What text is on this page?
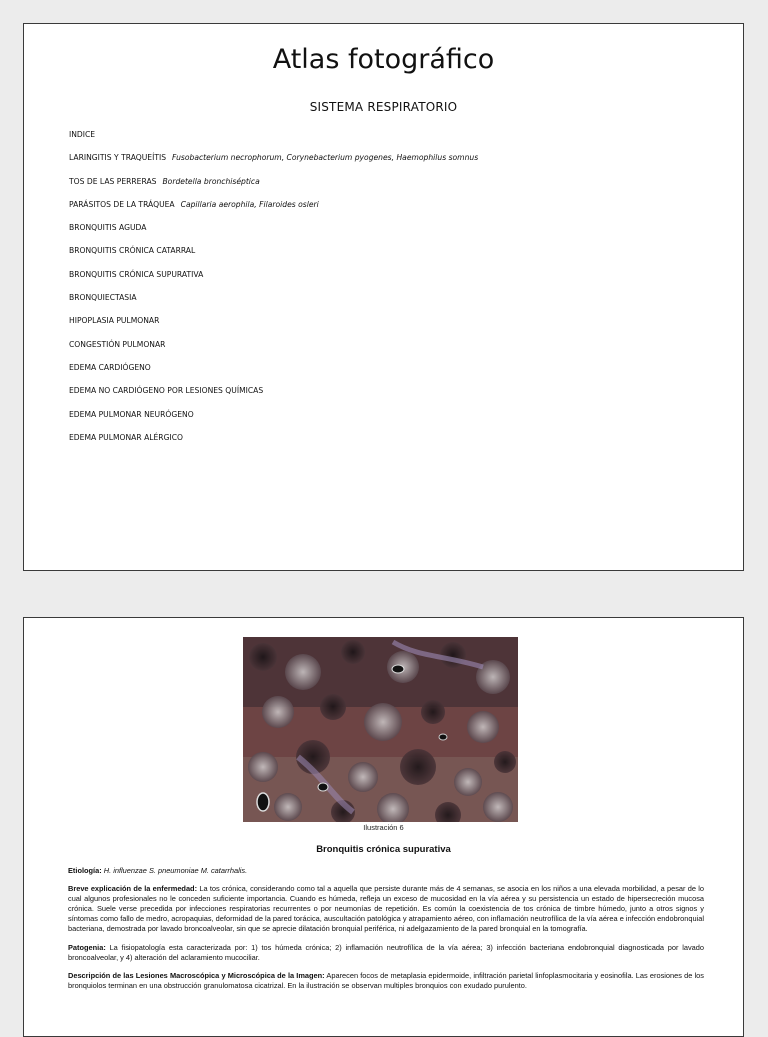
Atlas fotográfico
SISTEMA RESPIRATORIO
INDICE
LARINGITIS Y TRAQUEÍTIS Fusobacterium necrophorum, Corynebacterium pyogenes, Haemophilus somnus
TOS DE LAS PERRERAS Bordetella bronchiséptica
PARÁSITOS DE LA TRÁQUEA Capillaria aerophila, Filaroides osleri
BRONQUITIS AGUDA
BRONQUITIS CRÓNICA CATARRAL
BRONQUITIS CRÓNICA SUPURATIVA
BRONQUIECTASIA
HIPOPLASIA PULMONAR
CONGESTIÓN PULMONAR
EDEMA CARDIÓGENO
EDEMA NO CARDIÓGENO POR LESIONES QUÍMICAS
EDEMA PULMONAR NEURÓGENO
EDEMA PULMONAR ALÉRGICO
Ilustración 6
Bronquitis crónica supurativa

Etiología: H. influenzae S. pneumoniae M. catarrhalis.

Breve explicación de la enfermedad: La tos crónica, considerando como tal a aquella que persiste durante más de 4 semanas, se asocia en los niños a una elevada morbilidad, a pesar de lo cual algunos profesionales no le conceden suficiente importancia. Cuando es húmeda, refleja un exceso de mucosidad en la vía aérea y su persistencia un estado de hipersecreción mucosa crónica. Suele verse precedida por infecciones respiratorias recurrentes o por neumonías de repetición. Es común la coexistencia de tos crónica de timbre húmedo, junto a otros signos y síntomas como fallo de medro, acropaquias, deformidad de la pared torácica, auscultación patológica y atrapamiento aéreo, con inflamación neutrofílica de la vía aérea e infección endobronquial bacteriana, demostrada por lavado broncoalveolar, sin que se aprecie dilatación bronquial periférica, ni adelgazamiento de la pared bronquial en la tomografía.

Patogenia: La fisiopatología esta caracterizada por: 1) tos húmeda crónica; 2) inflamación neutrofílica de la vía aérea; 3) infección bacteriana endobronquial diagnosticada por lavado broncoalveolar, y 4) alteración del aclaramiento mucociliar.

Descripción de las Lesiones Macroscópica y Microscópica de la Imagen: Aparecen focos de metaplasia epidermoide, infiltración parietal linfoplasmocitaria y eosinofila. Las erosiones de los bronquiolos terminan en una obstrucción granulomatosa cicatrizal. En la ilustración se observan multiples bronquios con exudado purulento.
